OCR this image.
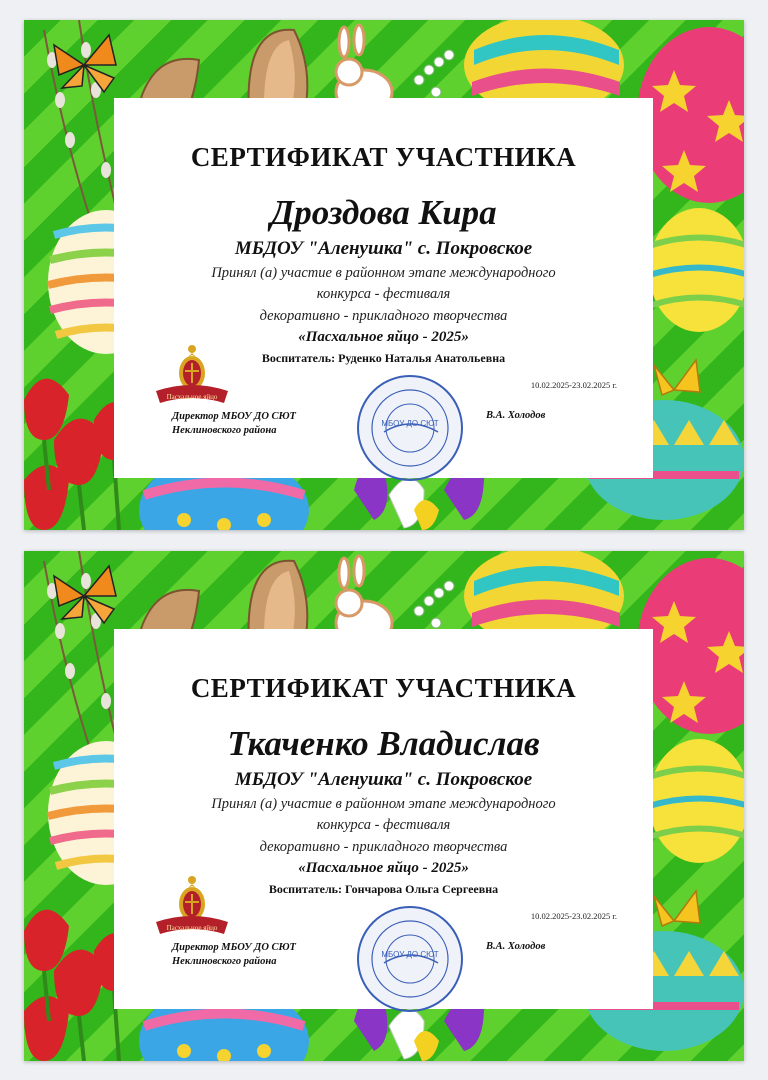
СЕРТИФИКАТ УЧАСТНИКА
Дроздова Кира
МБДОУ "Аленушка" с. Покровское
Принял (а) участие в районном этапе международного
конкурса - фестиваля
декоративно - прикладного творчества
«Пасхальное яйцо - 2025»
Воспитатель: Руденко Наталья Анатольевна
10.02.2025-23.02.2025 г.
Пасхальное яйцо
Директор МБОУ ДО СЮТ
Неклиновского района
В.А. Холодов
МБОУ ДО СЮТ
СЕРТИФИКАТ УЧАСТНИКА
Ткаченко Владислав
МБДОУ "Аленушка" с. Покровское
Принял (а) участие в районном этапе международного
конкурса - фестиваля
декоративно - прикладного творчества
«Пасхальное яйцо - 2025»
Воспитатель: Гончарова Ольга Сергеевна
10.02.2025-23.02.2025 г.
Пасхальное яйцо
Директор МБОУ ДО СЮТ
Неклиновского района
В.А. Холодов
МБОУ ДО СЮТ
